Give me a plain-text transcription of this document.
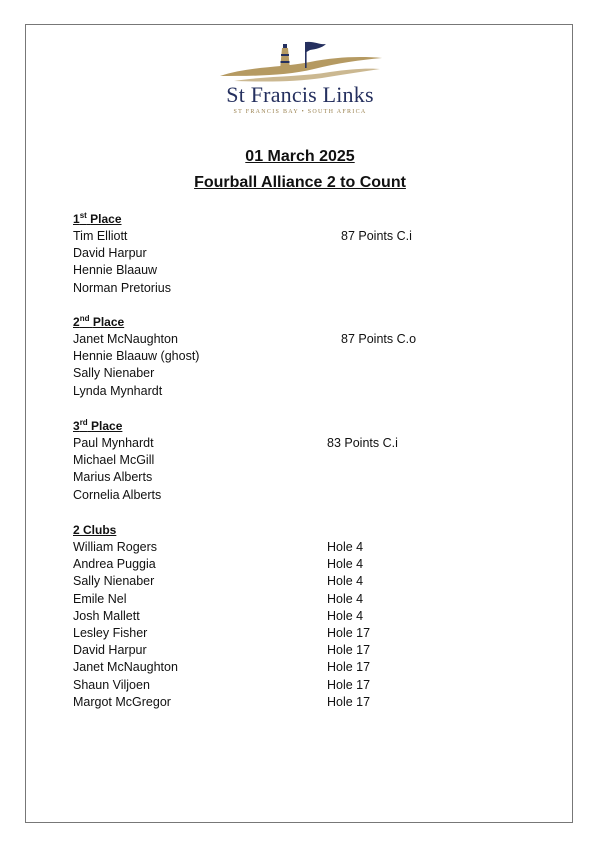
St Francis Links
ST FRANCIS BAY • SOUTH AFRICA
01 March 2025
Fourball Alliance 2 to Count
1st Place
Tim Elliott	87 Points C.i
David Harpur
Hennie Blaauw
Norman Pretorius
2nd Place
Janet McNaughton	87 Points C.o
Hennie Blaauw (ghost)
Sally Nienaber
Lynda Mynhardt
3rd Place
Paul Mynhardt	83 Points C.i
Michael McGill
Marius Alberts
Cornelia Alberts
2 Clubs
William Rogers	Hole 4
Andrea Puggia	Hole 4
Sally Nienaber	Hole 4
Emile Nel	Hole 4
Josh Mallett	Hole 4
Lesley Fisher	Hole 17
David Harpur	Hole 17
Janet McNaughton	Hole 17
Shaun Viljoen	Hole 17
Margot McGregor	Hole 17
